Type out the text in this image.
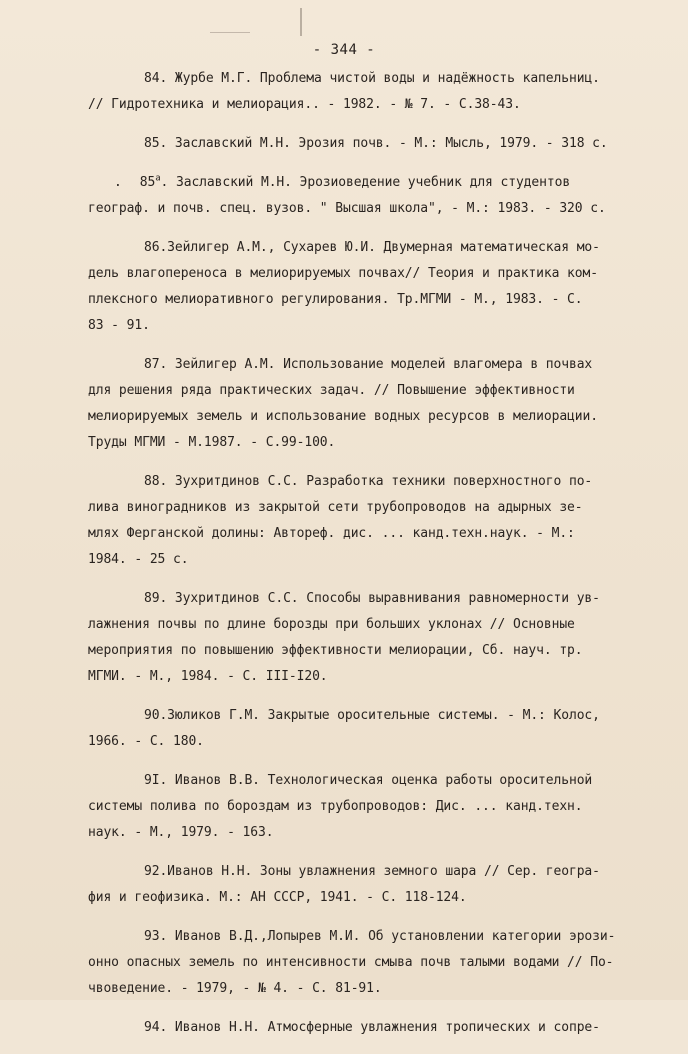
- 344 -
84. Журбе М.Г. Проблема чистой воды и надёжность капельниц.
// Гидротехника и мелиорация.. - 1982. - № 7. - С.38-43.
85. Заславский М.Н. Эрозия почв. - М.: Мысль, 1979. - 318 с.
. 85$^a$. Заславский М.Н. Эрозиоведение учебник для студентов
географ. и почв. спец. вузов. " Высшая школа", - М.: 1983. - 320 с.
86.Зейлигер А.М., Сухарев Ю.И. Двумерная математическая мо-
дель влагопереноса в мелиорируемых почвах// Теория и практика ком-
плексного мелиоративного регулирования. Тр.МГМИ - М., 1983. - С.
83 - 91.
87. Зейлигер А.М. Использование моделей влагомера в почвах
для решения ряда практических задач. // Повышение эффективности
мелиорируемых земель и использование водных ресурсов в мелиорации.
Труды МГМИ - М.1987. - С.99-100.
88. Зухритдинов С.С. Разработка техники поверхностного по-
лива виноградников из закрытой сети трубопроводов на адырных зе-
млях Ферганской долины: Автореф. дис. ... канд.техн.наук. - М.:
1984. - 25 с.
89. Зухритдинов С.С. Способы выравнивания равномерности ув-
лажнения почвы по длине борозды при больших уклонах // Основные
мероприятия по повышению эффективности мелиорации, Сб. науч. тр.
МГМИ. - М., 1984. - С. III-I20.
90.Зюликов Г.М. Закрытые оросительные системы. - М.: Колос,
1966. - С. 180.
9I. Иванов В.В. Технологическая оценка работы оросительной
системы полива по бороздам из трубопроводов: Дис. ... канд.техн.
наук. - М., 1979. - 163.
92.Иванов Н.Н. Зоны увлажнения земного шара // Сер. геогра-
фия и геофизика. М.: АН СССР, 1941. - С. 118-124.
93. Иванов В.Д.,Лопырев М.И. Об установлении категории эрози-
онно опасных земель по интенсивности смыва почв талыми водами // По-
чвоведение. - 1979, - № 4. - С. 81-91.
94. Иванов Н.Н. Атмосферные увлажнения тропических и сопре-
